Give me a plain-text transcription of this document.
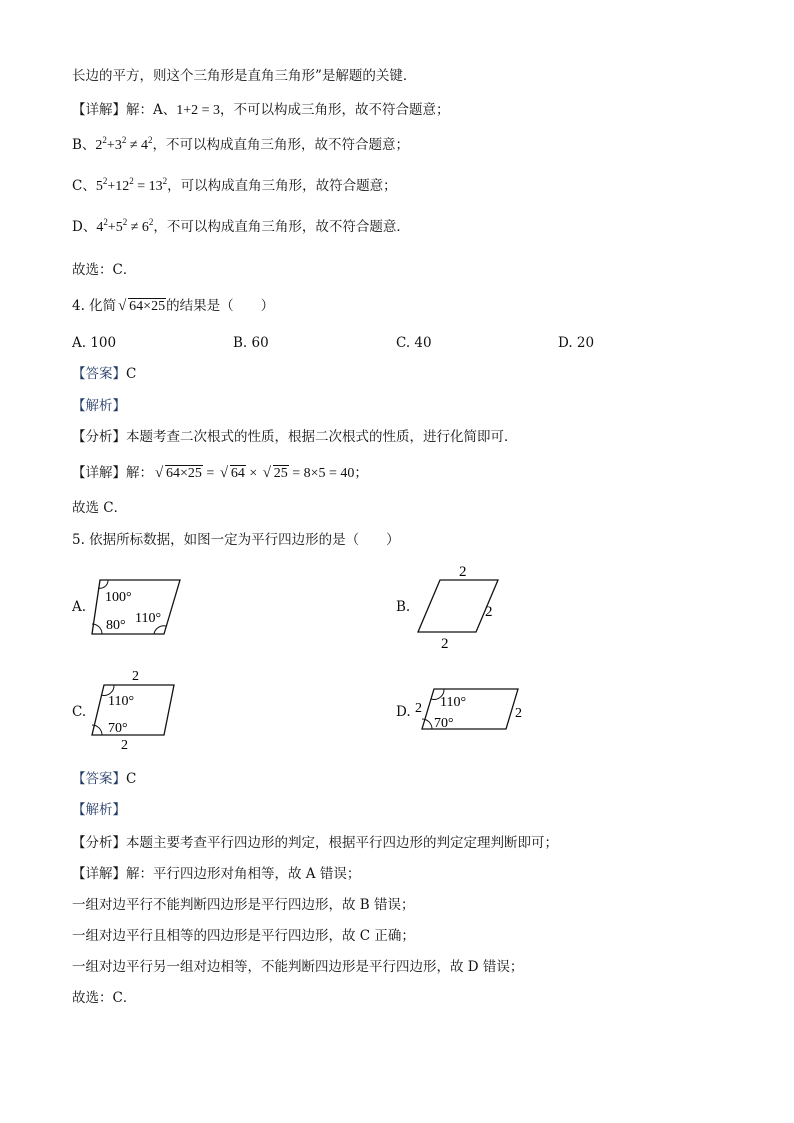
长边的平方，则这个三角形是直角三角形”是解题的关键．
【详解】解：A、1+2 = 3，不可以构成三角形，故不符合题意；
B、$2^2+3^2 \ne 4^2$，不可以构成直角三角形，故不符合题意；
C、$5^2+12^2 = 13^2$，可以构成直角三角形，故符合题意；
D、$4^2+5^2 \ne 6^2$，不可以构成直角三角形，故不符合题意．
故选：C．
4. 化简 √ 64×25的结果是（　　）
A. 100	B. 60	C. 40	D. 20
【答案】C
【解析】
【分析】本题考查二次根式的性质，根据二次根式的性质，进行化简即可．
【详解】解： √ 64×25 = √ 64 × √ 25 = 8×5 = 40；
故选 C．
5. 依据所标数据，如图一定为平行四边形的是（　　）
A.
100°
80° 110°
B.
2
2
2
C.
2
110°
70°
2
D. 2 110°
70°
2
【答案】C
【解析】
【分析】本题主要考查平行四边形的判定，根据平行四边形的判定定理判断即可；
【详解】解：平行四边形对角相等，故 A 错误；
一组对边平行不能判断四边形是平行四边形，故 B 错误；
一组对边平行且相等的四边形是平行四边形，故 C 正确；
一组对边平行另一组对边相等，不能判断四边形是平行四边形，故 D 错误；
故选：C．
